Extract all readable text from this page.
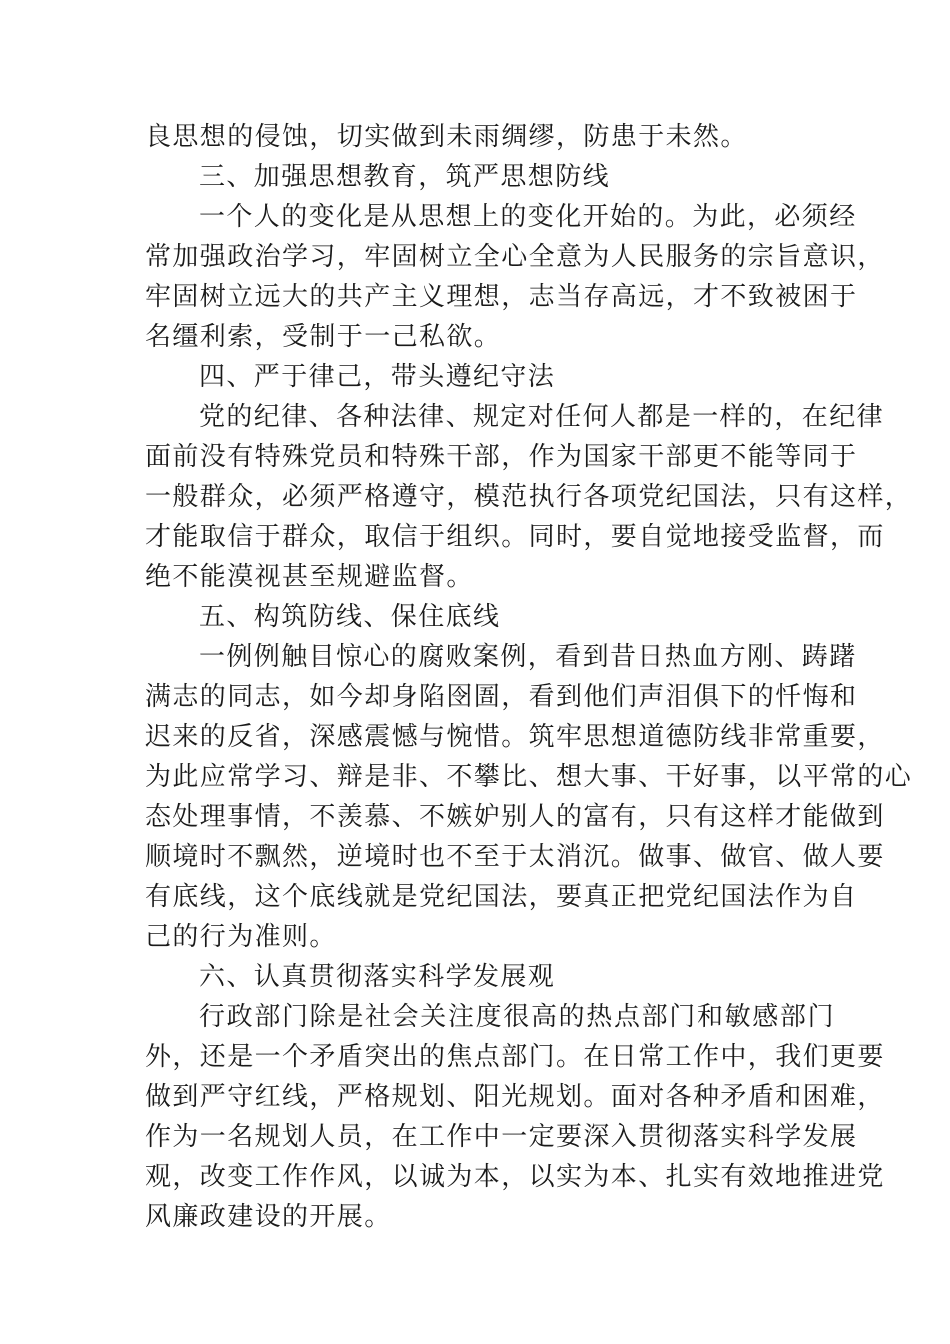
良思想的侵蚀，切实做到未雨绸缪，防患于未然。
三、加强思想教育，筑严思想防线
一个人的变化是从思想上的变化开始的。为此，必须经
常加强政治学习，牢固树立全心全意为人民服务的宗旨意识，
牢固树立远大的共产主义理想，志当存高远，才不致被困于
名缰利索，受制于一己私欲。
四、严于律己，带头遵纪守法
党的纪律、各种法律、规定对任何人都是一样的，在纪律
面前没有特殊党员和特殊干部，作为国家干部更不能等同于
一般群众，必须严格遵守，模范执行各项党纪国法，只有这样，
才能取信于群众，取信于组织。同时，要自觉地接受监督，而
绝不能漠视甚至规避监督。
五、构筑防线、保住底线
一例例触目惊心的腐败案例，看到昔日热血方刚、踌躇
满志的同志，如今却身陷囹圄，看到他们声泪俱下的忏悔和
迟来的反省，深感震憾与惋惜。筑牢思想道德防线非常重要，
为此应常学习、辩是非、不攀比、想大事、干好事，以平常的心
态处理事情，不羡慕、不嫉妒别人的富有，只有这样才能做到
顺境时不飘然，逆境时也不至于太消沉。做事、做官、做人要
有底线，这个底线就是党纪国法，要真正把党纪国法作为自
己的行为准则。
六、认真贯彻落实科学发展观
行政部门除是社会关注度很高的热点部门和敏感部门
外，还是一个矛盾突出的焦点部门。在日常工作中，我们更要
做到严守红线，严格规划、阳光规划。面对各种矛盾和困难，
作为一名规划人员，在工作中一定要深入贯彻落实科学发展
观，改变工作作风，以诚为本，以实为本、扎实有效地推进党
风廉政建设的开展。
